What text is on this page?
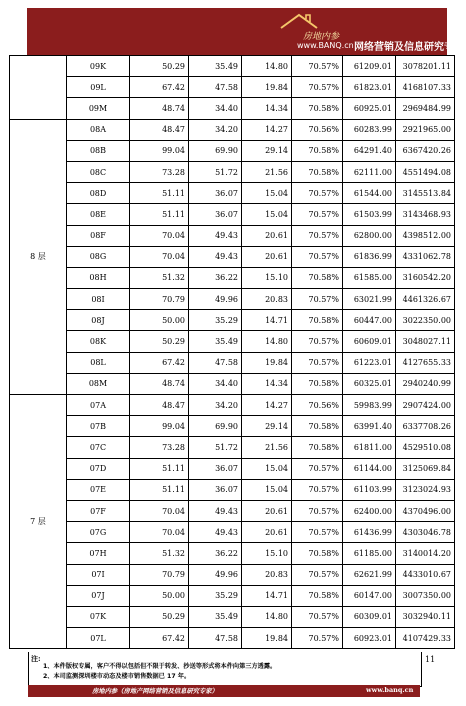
房地内参
www.BANQ.cn 网络营销及信息研究专家
	09K	50.29	35.49	14.80	70.57%	61209.01	3078201.11
	09L	67.42	47.58	19.84	70.57%	61823.01	4168107.33
	09M	48.74	34.40	14.34	70.58%	60925.01	2969484.99
8 层	08A	48.47	34.20	14.27	70.56%	60283.99	2921965.00
	08B	99.04	69.90	29.14	70.58%	64291.40	6367420.26
	08C	73.28	51.72	21.56	70.58%	62111.00	4551494.08
	08D	51.11	36.07	15.04	70.57%	61544.00	3145513.84
	08E	51.11	36.07	15.04	70.57%	61503.99	3143468.93
	08F	70.04	49.43	20.61	70.57%	62800.00	4398512.00
	08G	70.04	49.43	20.61	70.57%	61836.99	4331062.78
	08H	51.32	36.22	15.10	70.58%	61585.00	3160542.20
	08I	70.79	49.96	20.83	70.57%	63021.99	4461326.67
	08J	50.00	35.29	14.71	70.58%	60447.00	3022350.00
	08K	50.29	35.49	14.80	70.57%	60609.01	3048027.11
	08L	67.42	47.58	19.84	70.57%	61223.01	4127655.33
	08M	48.74	34.40	14.34	70.58%	60325.01	2940240.99
7 层	07A	48.47	34.20	14.27	70.56%	59983.99	2907424.00
	07B	99.04	69.90	29.14	70.58%	63991.40	6337708.26
	07C	73.28	51.72	21.56	70.58%	61811.00	4529510.08
	07D	51.11	36.07	15.04	70.57%	61144.00	3125069.84
	07E	51.11	36.07	15.04	70.57%	61103.99	3123024.93
	07F	70.04	49.43	20.61	70.57%	62400.00	4370496.00
	07G	70.04	49.43	20.61	70.57%	61436.99	4303046.78
	07H	51.32	36.22	15.10	70.58%	61185.00	3140014.20
	07I	70.79	49.96	20.83	70.57%	62621.99	4433010.67
	07J	50.00	35.29	14.71	70.58%	60147.00	3007350.00
	07K	50.29	35.49	14.80	70.57%	60309.01	3032940.11
	07L	67.42	47.58	19.84	70.57%	60923.01	4107429.33
注:
1、本件版权专属，客户不得以包括但不限于转发、抄送等形式将本件向第三方透露。
2、本司监测深圳楼市动态及楼市销售数据已 17 年。
11
房地内参（房地产网络营销及信息研究专家）	www.banq.cn
